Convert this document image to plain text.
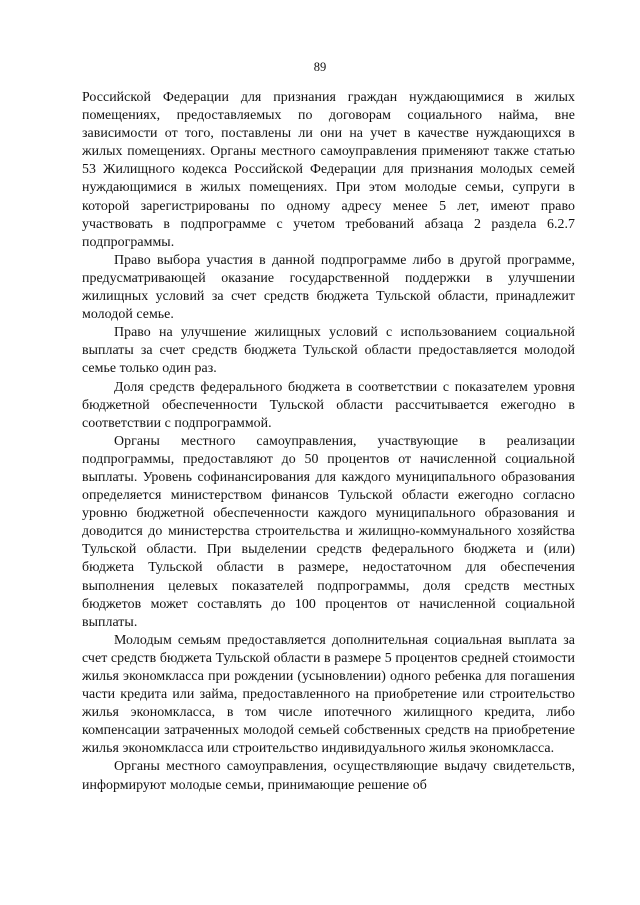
89

Российской Федерации для признания граждан нуждающимися в жилых помещениях, предоставляемых по договорам социального найма, вне зависимости от того, поставлены ли они на учет в качестве нуждающихся в жилых помещениях. Органы местного самоуправления применяют также статью 53 Жилищного кодекса Российской Федерации для признания молодых семей нуждающимися в жилых помещениях. При этом молодые семьи, супруги в которой зарегистрированы по одному адресу менее 5 лет, имеют право участвовать в подпрограмме с учетом требований абзаца 2 раздела 6.2.7 подпрограммы.

Право выбора участия в данной подпрограмме либо в другой программе, предусматривающей оказание государственной поддержки в улучшении жилищных условий за счет средств бюджета Тульской области, принадлежит молодой семье.

Право на улучшение жилищных условий с использованием социальной выплаты за счет средств бюджета Тульской области предоставляется молодой семье только один раз.

Доля средств федерального бюджета в соответствии с показателем уровня бюджетной обеспеченности Тульской области рассчитывается ежегодно в соответствии с подпрограммой.

Органы местного самоуправления, участвующие в реализации подпрограммы, предоставляют до 50 процентов от начисленной социальной выплаты. Уровень софинансирования для каждого муниципального образования определяется министерством финансов Тульской области ежегодно согласно уровню бюджетной обеспеченности каждого муниципального образования и доводится до министерства строительства и жилищно-коммунального хозяйства Тульской области. При выделении средств федерального бюджета и (или) бюджета Тульской области в размере, недостаточном для обеспечения выполнения целевых показателей подпрограммы, доля средств местных бюджетов может составлять до 100 процентов от начисленной социальной выплаты.

Молодым семьям предоставляется дополнительная социальная выплата за счет средств бюджета Тульской области в размере 5 процентов средней стоимости жилья экономкласса при рождении (усыновлении) одного ребенка для погашения части кредита или займа, предоставленного на приобретение или строительство жилья экономкласса, в том числе ипотечного жилищного кредита, либо компенсации затраченных молодой семьей собственных средств на приобретение жилья экономкласса или строительство индивидуального жилья экономкласса.

Органы местного самоуправления, осуществляющие выдачу свидетельств, информируют молодые семьи, принимающие решение об
